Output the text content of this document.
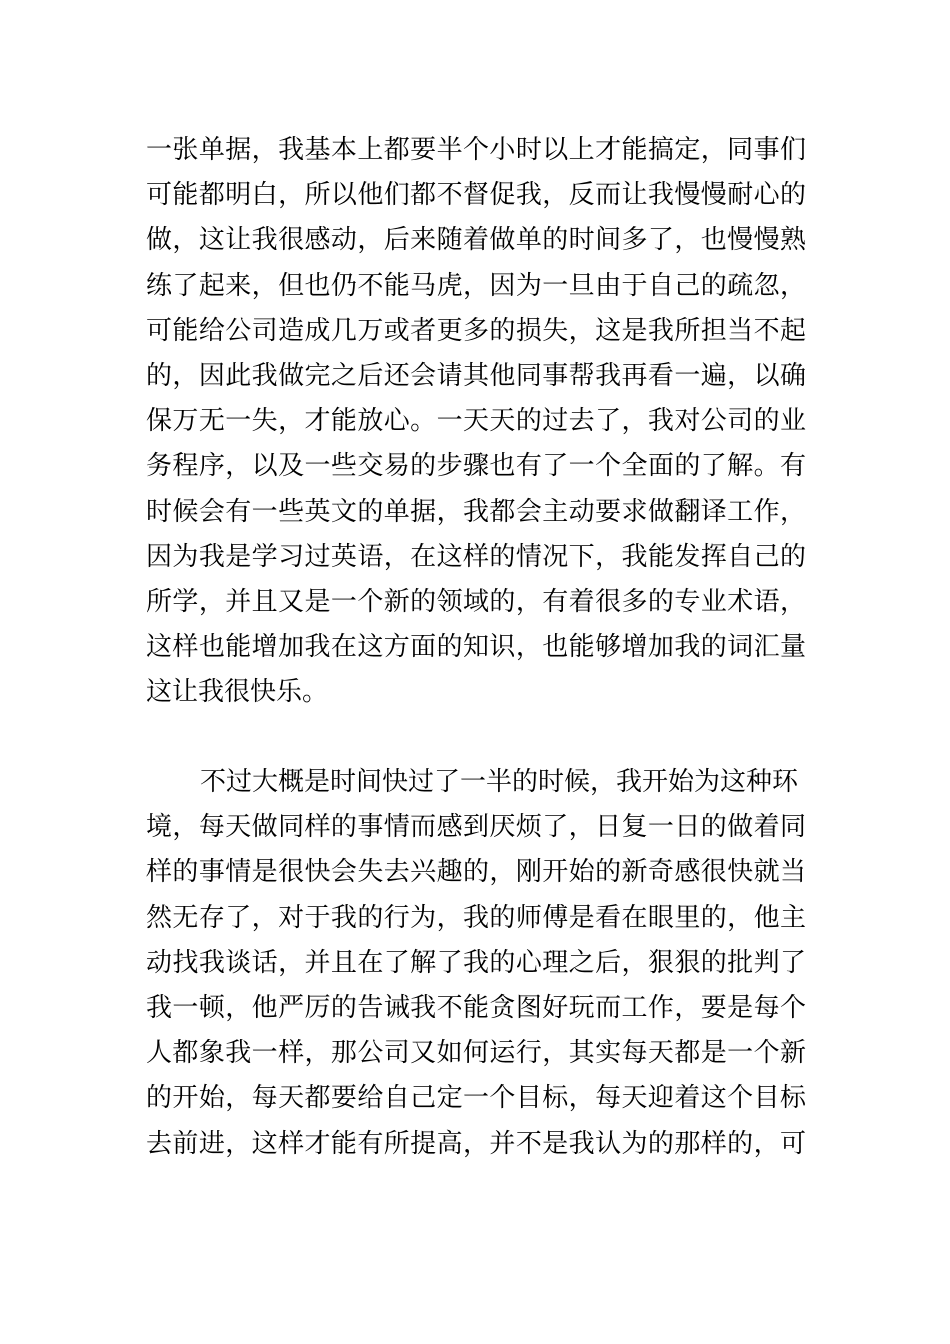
一张单据，我基本上都要半个小时以上才能搞定，同事们
可能都明白，所以他们都不督促我，反而让我慢慢耐心的
做，这让我很感动，后来随着做单的时间多了，也慢慢熟
练了起来，但也仍不能马虎，因为一旦由于自己的疏忽，
可能给公司造成几万或者更多的损失，这是我所担当不起
的，因此我做完之后还会请其他同事帮我再看一遍，以确
保万无一失，才能放心。一天天的过去了，我对公司的业
务程序，以及一些交易的步骤也有了一个全面的了解。有
时候会有一些英文的单据，我都会主动要求做翻译工作，
因为我是学习过英语，在这样的情况下，我能发挥自己的
所学，并且又是一个新的领域的，有着很多的专业术语，
这样也能增加我在这方面的知识，也能够增加我的词汇量
这让我很快乐。
不过大概是时间快过了一半的时候，我开始为这种环
境，每天做同样的事情而感到厌烦了，日复一日的做着同
样的事情是很快会失去兴趣的，刚开始的新奇感很快就当
然无存了，对于我的行为，我的师傅是看在眼里的，他主
动找我谈话，并且在了解了我的心理之后，狠狠的批判了
我一顿，他严厉的告诫我不能贪图好玩而工作，要是每个
人都象我一样，那公司又如何运行，其实每天都是一个新
的开始，每天都要给自己定一个目标，每天迎着这个目标
去前进，这样才能有所提高，并不是我认为的那样的，可
